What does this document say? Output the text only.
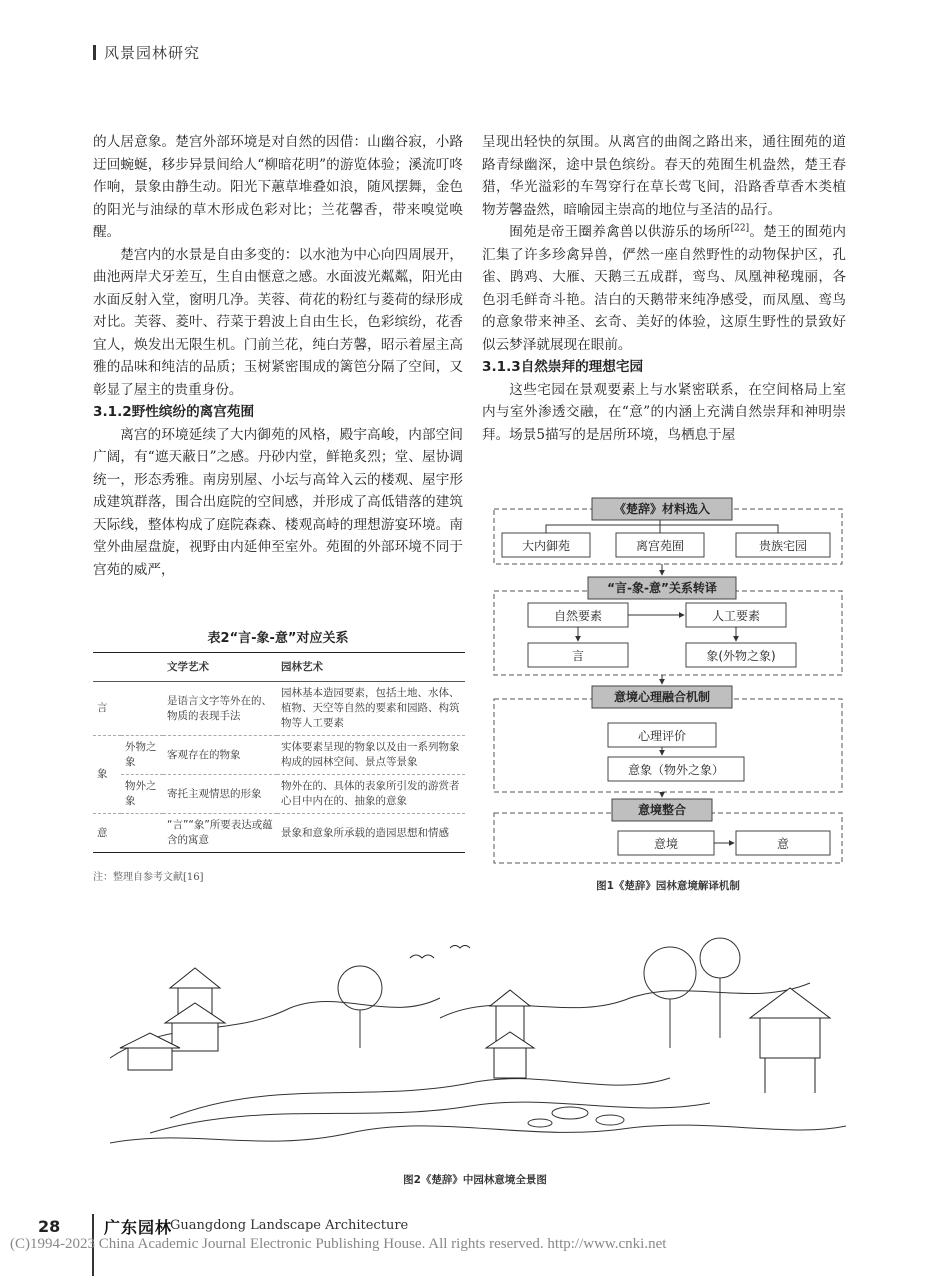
风景园林研究

的人居意象。楚宫外部环境是对自然的因借：山幽谷寂，小路迂回蜿蜒，移步异景间给人“柳暗花明”的游览体验；溪流叮咚作响，景象由静生动。阳光下蕙草堆叠如浪，随风摆舞，金色的阳光与油绿的草木形成色彩对比；兰花馨香，带来嗅觉唤醒。

楚宫内的水景是自由多变的：以水池为中心向四周展开，曲池两岸犬牙差互，生自由惬意之感。水面波光粼粼，阳光由水面反射入堂，窗明几净。芙蓉、荷花的粉红与菱荷的绿形成对比。芙蓉、菱叶、荇菜于碧波上自由生长，色彩缤纷，花香宜人，焕发出无限生机。门前兰花，纯白芳馨，昭示着屋主高雅的品味和纯洁的品质；玉树紧密围成的篱笆分隔了空间，又彰显了屋主的贵重身份。

3.1.2野性缤纷的离宫苑囿

离宫的环境延续了大内御苑的风格，殿宇高峻，内部空间广阔，有“遮天蔽日”之感。丹砂内堂，鲜艳炙烈；堂、屋协调统一，形态秀雅。南房别屋、小坛与高耸入云的楼观、屋宇形成建筑群落，围合出庭院的空间感，并形成了高低错落的建筑天际线，整体构成了庭院森森、楼观高峙的理想游宴环境。南堂外曲屋盘旋，视野由内延伸至室外。苑囿的外部环境不同于宫苑的威严，

呈现出轻快的氛围。从离宫的曲阁之路出来，通往囿苑的道路青绿幽深，途中景色缤纷。春天的苑囿生机盎然，楚王春猎，华光溢彩的车驾穿行在草长莺飞间，沿路香草香木类植物芳馨盎然，暗喻园主崇高的地位与圣洁的品行。

囿苑是帝王圈养禽兽以供游乐的场所[22]。楚王的囿苑内汇集了许多珍禽异兽，俨然一座自然野性的动物保护区，孔雀、鹍鸡、大雁、天鹅三五成群，鸾鸟、凤凰神秘瑰丽，各色羽毛鲜奇斗艳。洁白的天鹅带来纯净感受，而凤凰、鸾鸟的意象带来神圣、玄奇、美好的体验，这原生野性的景致好似云梦泽就展现在眼前。

3.1.3自然崇拜的理想宅园

这些宅园在景观要素上与水紧密联系，在空间格局上室内与室外渗透交融，在“意”的内涵上充满自然崇拜和神明崇拜。场景5描写的是居所环境，鸟栖息于屋

表2“言-象-意”对应关系
		文学艺术	园林艺术
言		是语言文字等外在的、物质的表现手法	园林基本造园要素，包括土地、水体、植物、天空等自然的要素和园路、构筑物等人工要素
象	外物之象	客观存在的物象	实体要素呈现的物象以及由一系列物象构成的园林空间、景点等景象
	物外之象	寄托主观情思的形象	物外在的、具体的表象所引发的游赏者心目中内在的、抽象的意象
意		“言”“象”所要表达或蕴含的寓意	景象和意象所承载的造园思想和情感
注：整理自参考文献[16]
《楚辞》材料选入
“言-象-意”关系转译
意境心理融合机制
意境整合
大内御苑	离宫苑囿	贵族宅园
自然要素	人工要素
言	象(外物之象)
心理评价
意象（物外之象）
意境	意
图1《楚辞》园林意境解译机制
图2《楚辞》中园林意境全景图
28	广东园林
Guangdong Landscape Architecture
(C)1994-2023 China Academic Journal Electronic Publishing House. All rights reserved. http://www.cnki.net
